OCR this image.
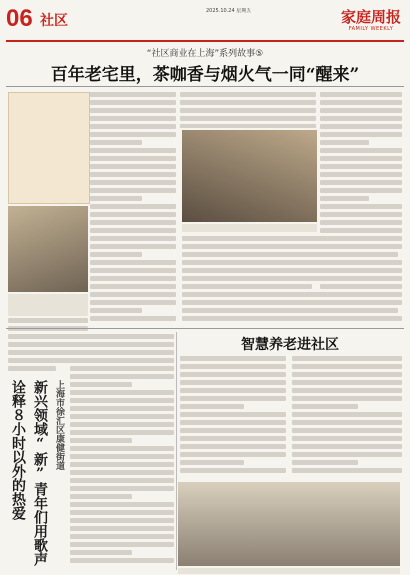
06 社区
2025.10.24 星期五	家庭周报
FAMILY WEEKLY
“社区商业在上海”系列故事⑤
百年老宅里，茶咖香与烟火气一同“醒来”
诠释８小时以外的热爱 新兴领域“新”青年们用歌声 上海市徐汇区康健街道
智慧养老进社区
